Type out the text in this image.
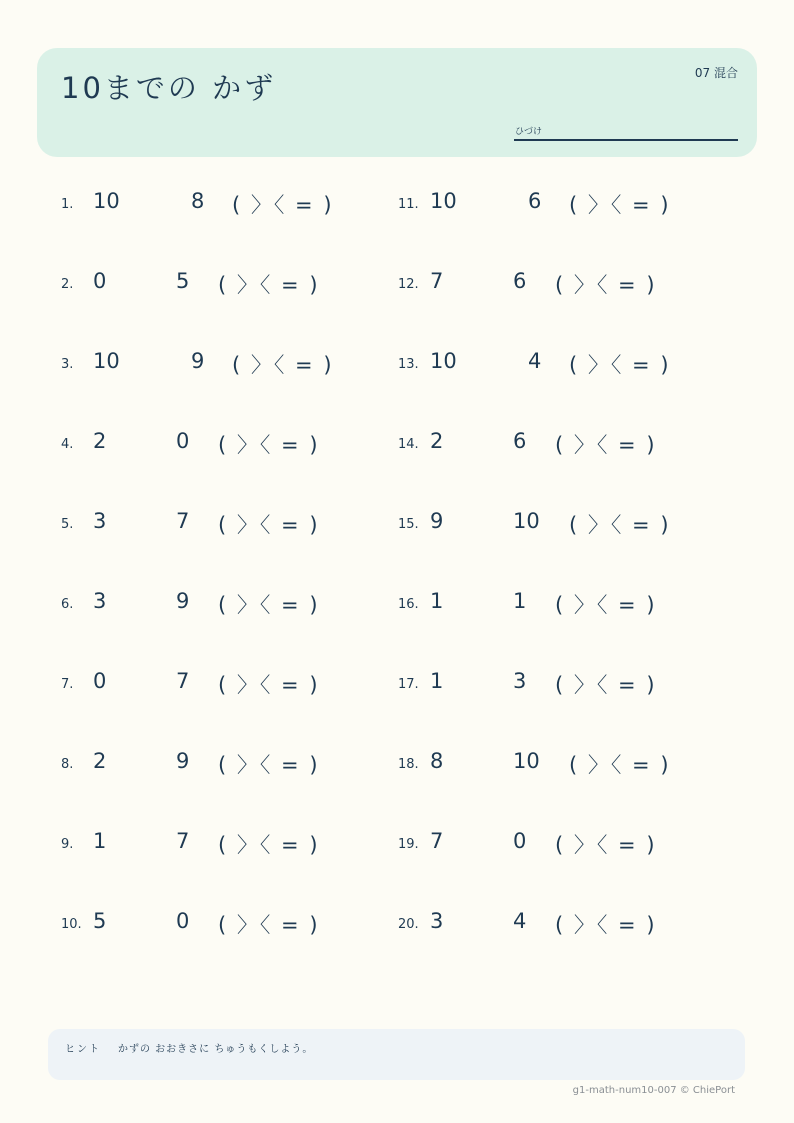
10までの かず	07 混合
ひづけ
1. 10	8 ( 〉〈 = )
2. 0	5 ( 〉〈 = )
3. 10	9 ( 〉〈 = )
4. 2	0 ( 〉〈 = )
5. 3	7 ( 〉〈 = )
6. 3	9 ( 〉〈 = )
7. 0	7 ( 〉〈 = )
8. 2	9 ( 〉〈 = )
9. 1	7 ( 〉〈 = )
10. 5	0 ( 〉〈 = )
11. 10	6 ( 〉〈 = )
12. 7	6 ( 〉〈 = )
13. 10	4 ( 〉〈 = )
14. 2	6 ( 〉〈 = )
15. 9	10 ( 〉〈 = )
16. 1	1 ( 〉〈 = )
17. 1	3 ( 〉〈 = )
18. 8	10 ( 〉〈 = )
19. 7	0 ( 〉〈 = )
20. 3	4 ( 〉〈 = )
ヒント かずの おおきさに ちゅうもくしよう。
g1-math-num10-007 © ChiePort
